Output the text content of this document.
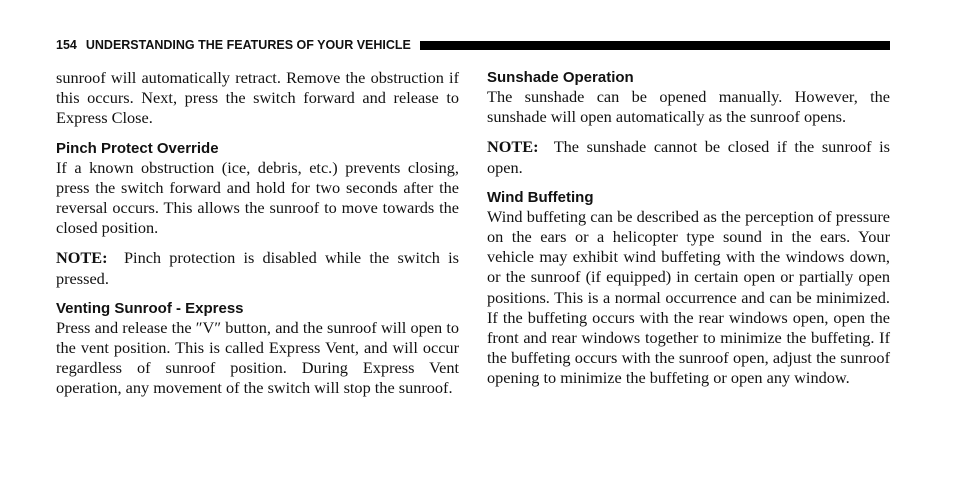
154 UNDERSTANDING THE FEATURES OF YOUR VEHICLE

sunroof will automatically retract. Remove the obstruction if this occurs. Next, press the switch forward and release to Express Close.

Pinch Protect Override

If a known obstruction (ice, debris, etc.) prevents closing, press the switch forward and hold for two seconds after the reversal occurs. This allows the sunroof to move towards the closed position.

NOTE: Pinch protection is disabled while the switch is pressed.

Venting Sunroof - Express

Press and release the ″V″ button, and the sunroof will open to the vent position. This is called Express Vent, and will occur regardless of sunroof position. During Express Vent operation, any movement of the switch will stop the sunroof.

Sunshade Operation

The sunshade can be opened manually. However, the sunshade will open automatically as the sunroof opens.

NOTE: The sunshade cannot be closed if the sunroof is open.

Wind Buffeting

Wind buffeting can be described as the perception of pressure on the ears or a helicopter type sound in the ears. Your vehicle may exhibit wind buffeting with the windows down, or the sunroof (if equipped) in certain open or partially open positions. This is a normal occurrence and can be minimized. If the buffeting occurs with the rear windows open, open the front and rear windows together to minimize the buffeting. If the buffeting occurs with the sunroof open, adjust the sunroof opening to minimize the buffeting or open any window.
